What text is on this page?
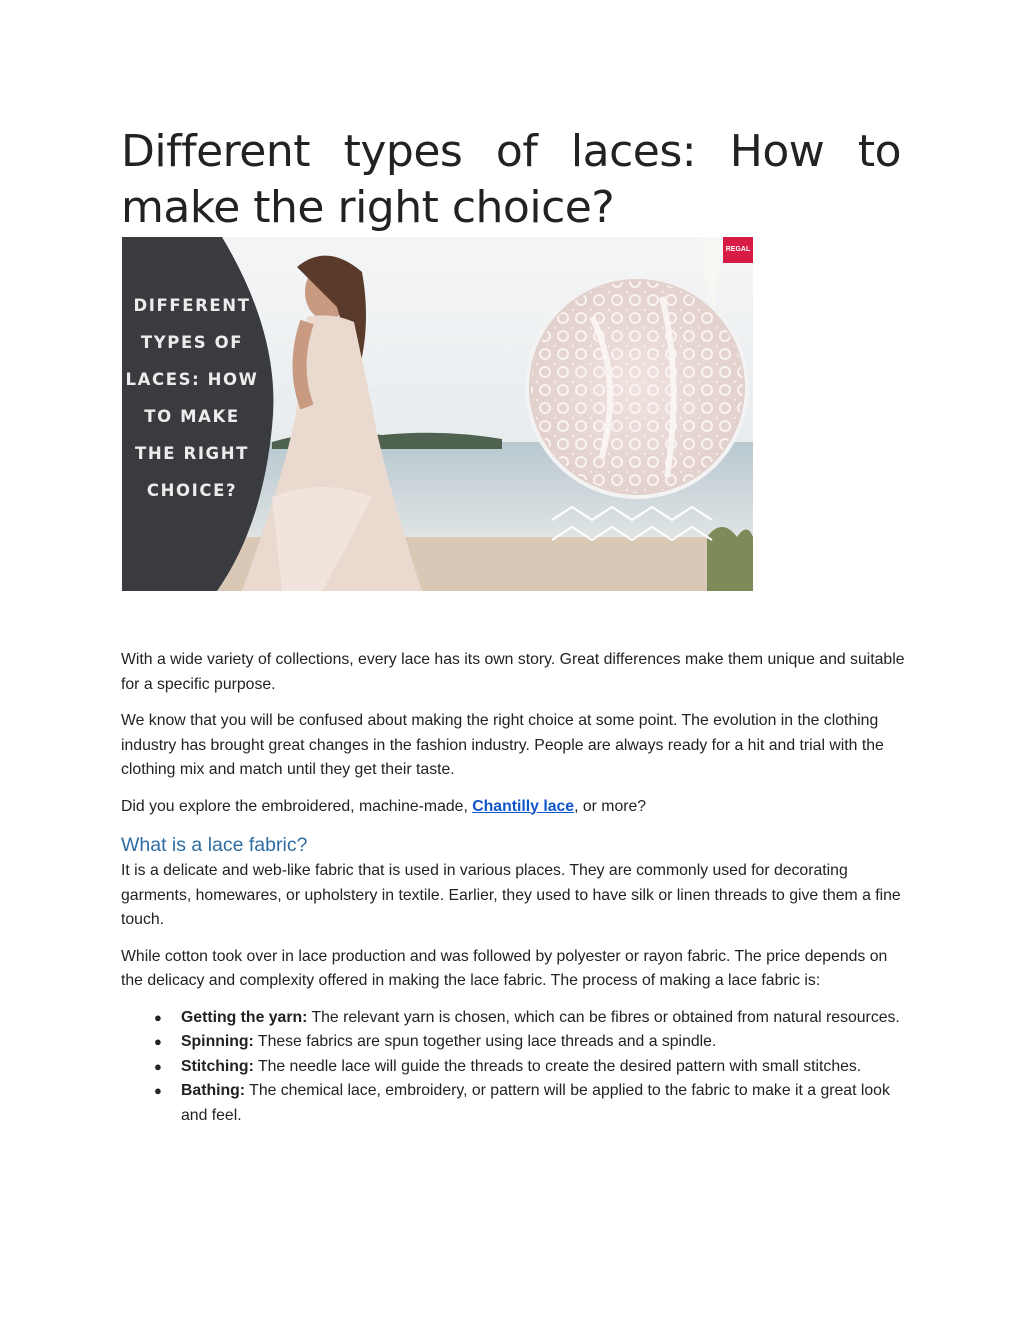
Different types of laces: How to make the right choice?
DIFFERENT
TYPES OF
LACES: HOW
TO MAKE
THE RIGHT
CHOICE?
REGAL

With a wide variety of collections, every lace has its own story. Great differences make them unique and suitable for a specific purpose.

We know that you will be confused about making the right choice at some point. The evolution in the clothing industry has brought great changes in the fashion industry. People are always ready for a hit and trial with the clothing mix and match until they get their taste.

Did you explore the embroidered, machine-made, Chantilly lace, or more?

What is a lace fabric?

It is a delicate and web-like fabric that is used in various places. They are commonly used for decorating garments, homewares, or upholstery in textile. Earlier, they used to have silk or linen threads to give them a fine touch.

While cotton took over in lace production and was followed by polyester or rayon fabric. The price depends on the delicacy and complexity offered in making the lace fabric. The process of making a lace fabric is:

● Getting the yarn: The relevant yarn is chosen, which can be fibres or obtained from natural resources.
● Spinning: These fabrics are spun together using lace threads and a spindle.
● Stitching: The needle lace will guide the threads to create the desired pattern with small stitches.
● Bathing: The chemical lace, embroidery, or pattern will be applied to the fabric to make it a great look and feel.
